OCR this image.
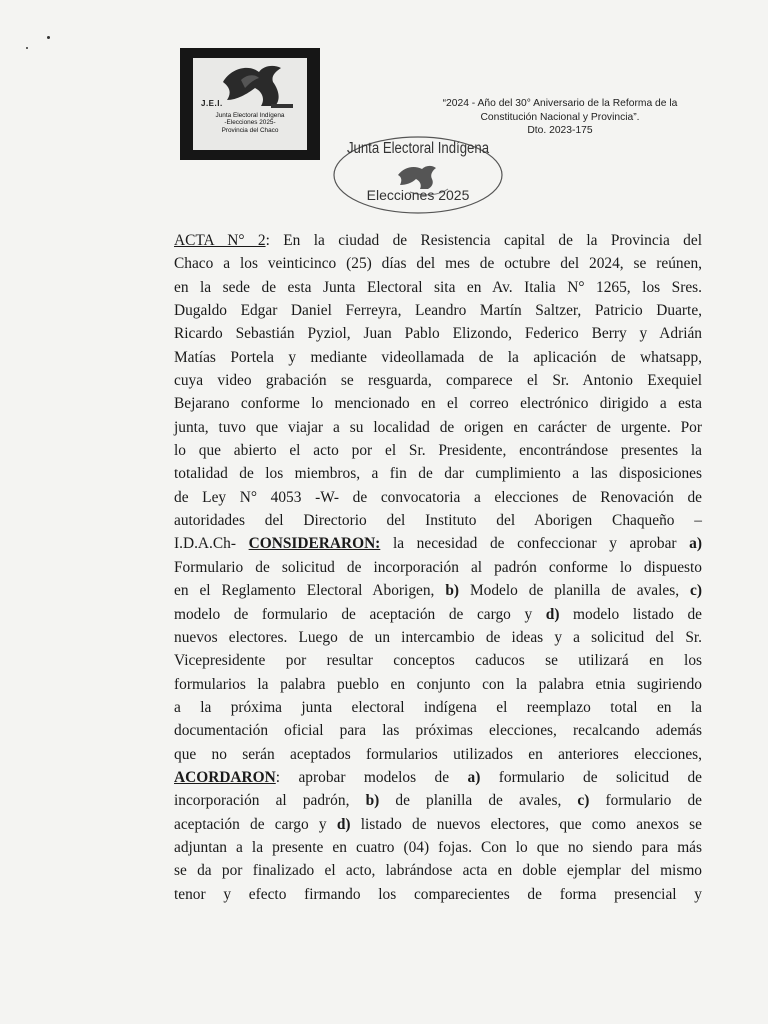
J.E.I.
Junta Electoral Indígena
-Elecciones 2025-
Provincia del Chaco
“2024 - Año del 30° Aniversario de la Reforma de la
Constitución Nacional y Provincia”.
Dto. 2023-175
Junta Electoral Indígena
Elecciones 2025
ACTA N° 2: En la ciudad de Resistencia capital de la Provincia del
Chaco a los veinticinco (25) días del mes de octubre del 2024, se reúnen,
en la sede de esta Junta Electoral sita en Av. Italia N° 1265, los Sres.
Dugaldo Edgar Daniel Ferreyra, Leandro Martín Saltzer, Patricio Duarte,
Ricardo Sebastián Pyziol, Juan Pablo Elizondo, Federico Berry y Adrián
Matías Portela y mediante videollamada de la aplicación de whatsapp,
cuya video grabación se resguarda, comparece el Sr. Antonio Exequiel
Bejarano conforme lo mencionado en el correo electrónico dirigido a esta
junta, tuvo que viajar a su localidad de origen en carácter de urgente. Por
lo que abierto el acto por el Sr. Presidente, encontrándose presentes la
totalidad de los miembros, a fin de dar cumplimiento a las disposiciones
de Ley N° 4053 -W- de convocatoria a elecciones de Renovación de
autoridades del Directorio del Instituto del Aborigen Chaqueño –
I.D.A.Ch- CONSIDERARON: la necesidad de confeccionar y aprobar a)
Formulario de solicitud de incorporación al padrón conforme lo dispuesto
en el Reglamento Electoral Aborigen, b) Modelo de planilla de avales, c)
modelo de formulario de aceptación de cargo y d) modelo listado de
nuevos electores. Luego de un intercambio de ideas y a solicitud del Sr.
Vicepresidente por resultar conceptos caducos se utilizará en los
formularios la palabra pueblo en conjunto con la palabra etnia sugiriendo
a la próxima junta electoral indígena el reemplazo total en la
documentación oficial para las próximas elecciones, recalcando además
que no serán aceptados formularios utilizados en anteriores elecciones,
ACORDARON: aprobar modelos de a) formulario de solicitud de
incorporación al padrón, b) de planilla de avales, c) formulario de
aceptación de cargo y d) listado de nuevos electores, que como anexos se
adjuntan a la presente en cuatro (04) fojas. Con lo que no siendo para más
se da por finalizado el acto, labrándose acta en doble ejemplar del mismo
tenor y efecto firmando los comparecientes de forma presencial y
